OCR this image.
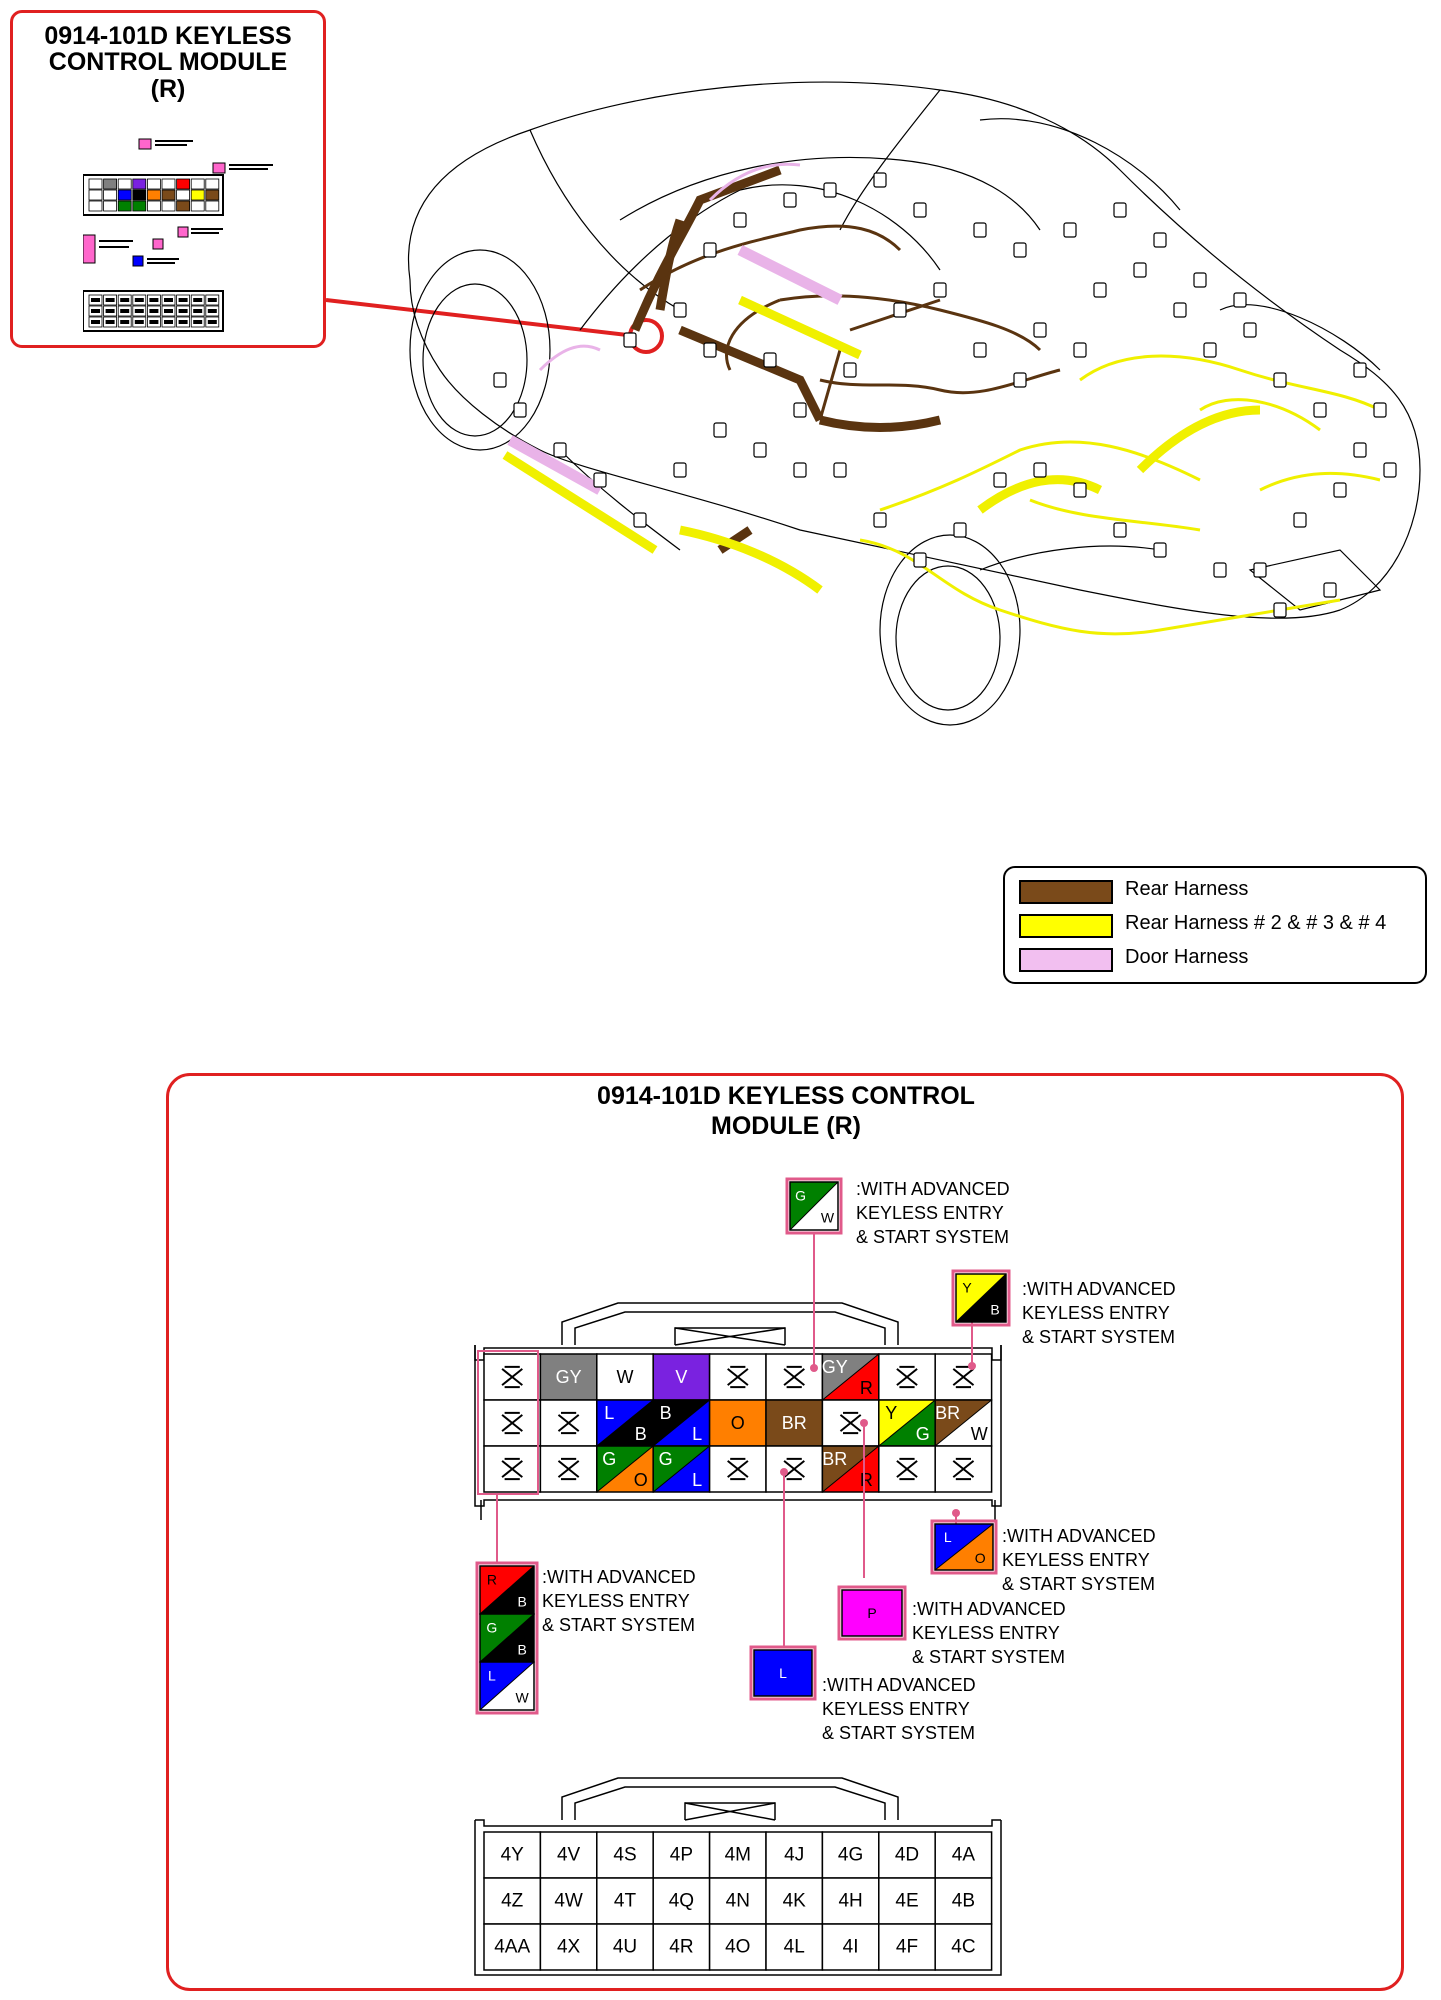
0914-101D KEYLESS
CONTROL MODULE
(R)
Rear Harness
Rear Harness # 2 & # 3 & # 4
Door Harness
0914-101D KEYLESS CONTROL
MODULE (R)
:WITH ADVANCED
KEYLESS ENTRY
& START SYSTEM
:WITH ADVANCED
KEYLESS ENTRY
& START SYSTEM
:WITH ADVANCED
KEYLESS ENTRY
& START SYSTEM
:WITH ADVANCED
KEYLESS ENTRY
& START SYSTEM
:WITH ADVANCED
KEYLESS ENTRY
& START SYSTEM
:WITH ADVANCED
KEYLESS ENTRY
& START SYSTEM
GY W V
GY
R
L
B
B
L
O BR
Y
G
BR
W
G
O
G
L
BR
R
4Y 4V 4S 4P 4M 4J 4G 4D 4A
4Z 4W 4T 4Q 4N 4K 4H 4E 4B
4AA 4X 4U 4R 4O 4L 4I 4F 4C
G
W
Y
B
L
O
P
L
R
B
G
B
L
W
